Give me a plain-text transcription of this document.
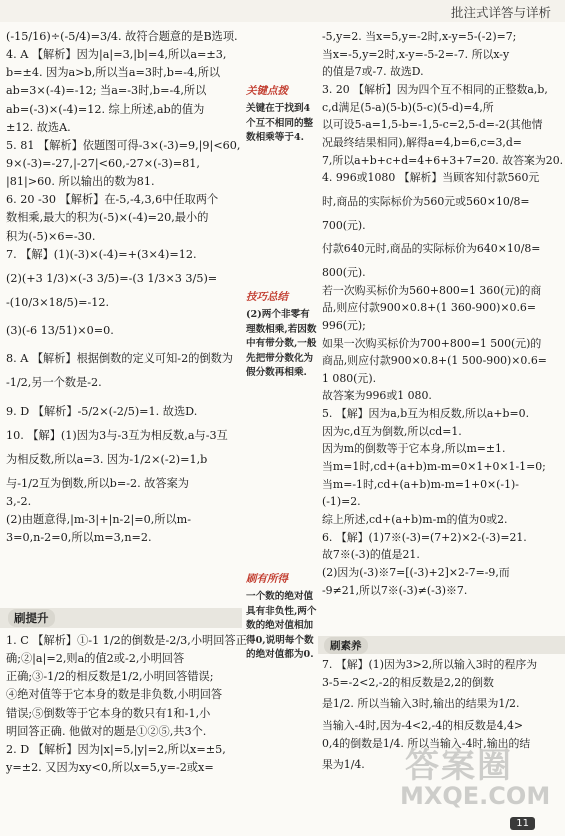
批注式详答与详析

(-15/16)÷(-5/4)=3/4. 故符合题意的是B选项.

4. A 【解析】因为|a|=3,|b|=4,所以a=±3,

b=±4. 因为a>b,所以当a=3时,b=-4,所以

ab=3×(-4)=-12; 当a=-3时,b=-4,所以

ab=(-3)×(-4)=12. 综上所述,ab的值为

±12. 故选A.

5. 81 【解析】依题图可得-3×(-3)=9,|9|<60,

9×(-3)=-27,|-27|<60,-27×(-3)=81,

|81|>60. 所以输出的数为81.

6. 20 -30 【解析】在-5,-4,3,6中任取两个

数相乘,最大的积为(-5)×(-4)=20,最小的

积为(-5)×6=-30.

7. 【解】(1)(-3)×(-4)=+(3×4)=12.

(2)(+3 1/3)×(-3 3/5)=-(3 1/3×3 3/5)=

-(10/3×18/5)=-12.

(3)(-6 13/51)×0=0.

8. A 【解析】根据倒数的定义可知-2的倒数为

-1/2,另一个数是-2.

9. D 【解析】-5/2×(-2/5)=1. 故选D.

10. 【解】(1)因为3与-3互为相反数,a与-3互

为相反数,所以a=3. 因为-1/2×(-2)=1,b

与-1/2互为倒数,所以b=-2. 故答案为

3,-2.

(2)由题意得,|m-3|+|n-2|=0,所以m-

3=0,n-2=0,所以m=3,n=2.

刷提升

1. C 【解析】①-1 1/2的倒数是-2/3,小明回答正

确;②|a|=2,则a的值2或-2,小明回答

正确;③-1/2的相反数是1/2,小明回答错误;

④绝对值等于它本身的数是非负数,小明回答

错误;⑤倒数等于它本身的数只有1和-1,小

明回答正确. 他做对的题是①②⑤,共3个.

2. D 【解析】因为|x|=5,|y|=2,所以x=±5,

y=±2. 又因为xy<0,所以x=5,y=-2或x=

关键点拨

关键在于找到4个互不相同的整数相乘等于4.

技巧总结

(2)两个非零有理数相乘,若因数中有带分数,一般先把带分数化为假分数再相乘.

刷有所得

一个数的绝对值具有非负性,两个数的绝对值相加得0,说明每个数的绝对值都为0.

-5,y=2. 当x=5,y=-2时,x-y=5-(-2)=7;

当x=-5,y=2时,x-y=-5-2=-7. 所以x-y

的值是7或-7. 故选D.

3. 20 【解析】因为四个互不相同的正整数a,b,

c,d满足(5-a)(5-b)(5-c)(5-d)=4,所

以可设5-a=1,5-b=-1,5-c=2,5-d=-2(其他情

况最终结果相同),解得a=4,b=6,c=3,d=

7,所以a+b+c+d=4+6+3+7=20. 故答案为20.

4. 996或1080 【解析】当顾客知付款560元

时,商品的实际标价为560元或560×10/8=

700(元).

付款640元时,商品的实际标价为640×10/8=

800(元).

若一次购买标价为560+800=1 360(元)的商

品,则应付款900×0.8+(1 360-900)×0.6=

996(元);

如果一次购买标价为700+800=1 500(元)的

商品,则应付款900×0.8+(1 500-900)×0.6=

1 080(元).

故答案为996或1 080.

5. 【解】因为a,b互为相反数,所以a+b=0.

因为c,d互为倒数,所以cd=1.

因为m的倒数等于它本身,所以m=±1.

当m=1时,cd+(a+b)m-m=0×1+0×1-1=0;

当m=-1时,cd+(a+b)m-m=1+0×(-1)-

(-1)=2.

综上所述,cd+(a+b)m-m的值为0或2.

6. 【解】(1)7※(-3)=(7+2)×2-(-3)=21.

故7※(-3)的值是21.

(2)因为(-3)※7=[(-3)+2]×2-7=-9,而

-9≠21,所以7※(-3)≠(-3)※7.

刷素养

7. 【解】(1)因为3>2,所以输入3时的程序为

3-5=-2<2,-2的相反数是2,2的倒数

是1/2. 所以当输入3时,输出的结果为1/2.

当输入-4时,因为-4<2,-4的相反数是4,4>

0,4的倒数是1/4. 所以当输入-4时,输出的结

果为1/4.	答案圈
MXQE.COM
11
